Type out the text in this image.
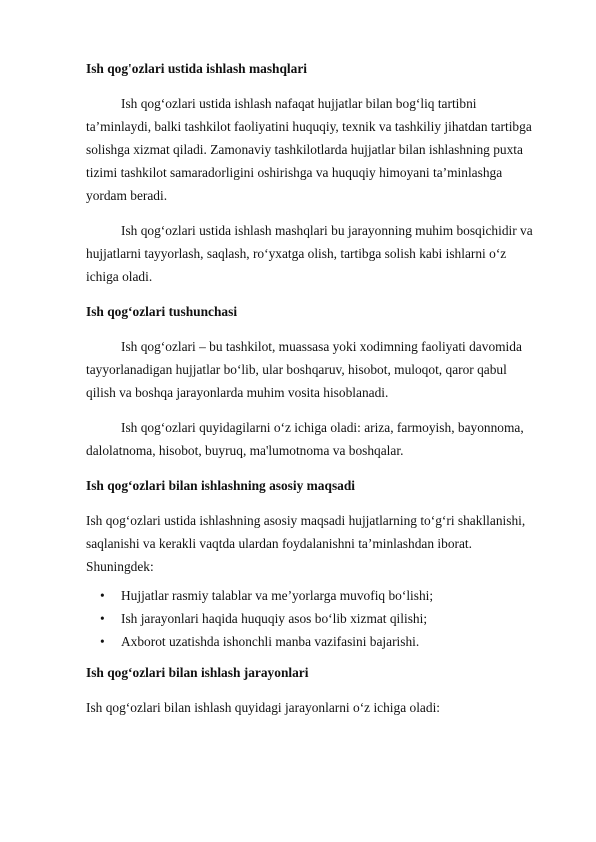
Ish qog'ozlari ustida ishlash mashqlari

Ish qog‘ozlari ustida ishlash nafaqat hujjatlar bilan bog‘liq tartibni ta’minlaydi, balki tashkilot faoliyatini huquqiy, texnik va tashkiliy jihatdan tartibga solishga xizmat qiladi. Zamonaviy tashkilotlarda hujjatlar bilan ishlashning puxta tizimi tashkilot samaradorligini oshirishga va huquqiy himoyani ta’minlashga yordam beradi.

Ish qog‘ozlari ustida ishlash mashqlari bu jarayonning muhim bosqichidir va hujjatlarni tayyorlash, saqlash, ro‘yxatga olish, tartibga solish kabi ishlarni o‘z ichiga oladi.

Ish qog‘ozlari tushunchasi

Ish qog‘ozlari – bu tashkilot, muassasa yoki xodimning faoliyati davomida tayyorlanadigan hujjatlar bo‘lib, ular boshqaruv, hisobot, muloqot, qaror qabul qilish va boshqa jarayonlarda muhim vosita hisoblanadi.

Ish qog‘ozlari quyidagilarni o‘z ichiga oladi: ariza, farmoyish, bayonnoma, dalolatnoma, hisobot, buyruq, ma'lumotnoma va boshqalar.

Ish qog‘ozlari bilan ishlashning asosiy maqsadi

Ish qog‘ozlari ustida ishlashning asosiy maqsadi hujjatlarning to‘g‘ri shakllanishi, saqlanishi va kerakli vaqtda ulardan foydalanishni ta’minlashdan iborat. Shuningdek:

• Hujjatlar rasmiy talablar va me’yorlarga muvofiq bo‘lishi;
• Ish jarayonlari haqida huquqiy asos bo‘lib xizmat qilishi;
• Axborot uzatishda ishonchli manba vazifasini bajarishi.
Ish qog‘ozlari bilan ishlash jarayonlari

Ish qog‘ozlari bilan ishlash quyidagi jarayonlarni o‘z ichiga oladi:
